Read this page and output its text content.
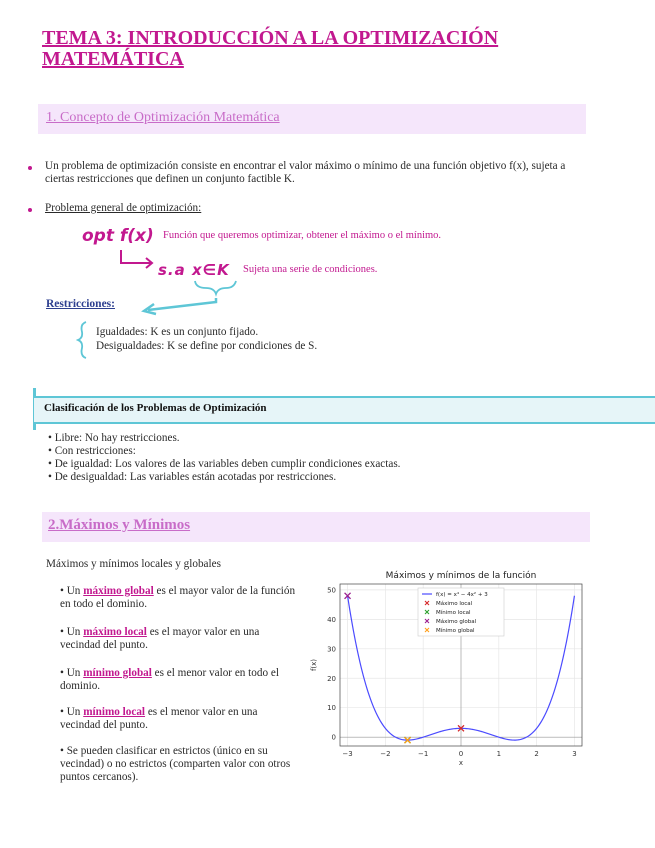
TEMA 3: INTRODUCCIÓN A LA OPTIMIZACIÓN MATEMÁTICA
1. Concepto de Optimización Matemática
Un problema de optimización consiste en encontrar el valor máximo o mínimo de una función objetivo f(x), sujeta a ciertas restricciones que definen un conjunto factible K.
Problema general de optimización:
opt f(x) Función que queremos optimizar, obtener el máximo o el mínimo.
s.a x∈K Sujeta una serie de condiciones.
Restricciones:
Igualdades: K es un conjunto fijado.
Desigualdades: K se define por condiciones de S.
Clasificación de los Problemas de Optimización
• Libre: No hay restricciones.
• Con restricciones:
• De igualdad: Los valores de las variables deben cumplir condiciones exactas.
• De desigualdad: Las variables están acotadas por restricciones.
2.Máximos y Mínimos
Máximos y mínimos locales y globales
• Un máximo global es el mayor valor de la función en todo el dominio.
• Un máximo local es el mayor valor en una vecindad del punto.
• Un mínimo global es el menor valor en todo el dominio.
• Un mínimo local es el menor valor en una vecindad del punto.
• Se pueden clasificar en estrictos (único en su vecindad) o no estrictos (comparten valor con otros puntos cercanos).
−3	−2	−1	0	1	2	3
0
10
20
30
40
50
Máximos y mínimos de la función
x
f(x)
f(x) = x⁴ − 4x² + 3
Máximo local
Mínimo local
Máximo global
Mínimo global
